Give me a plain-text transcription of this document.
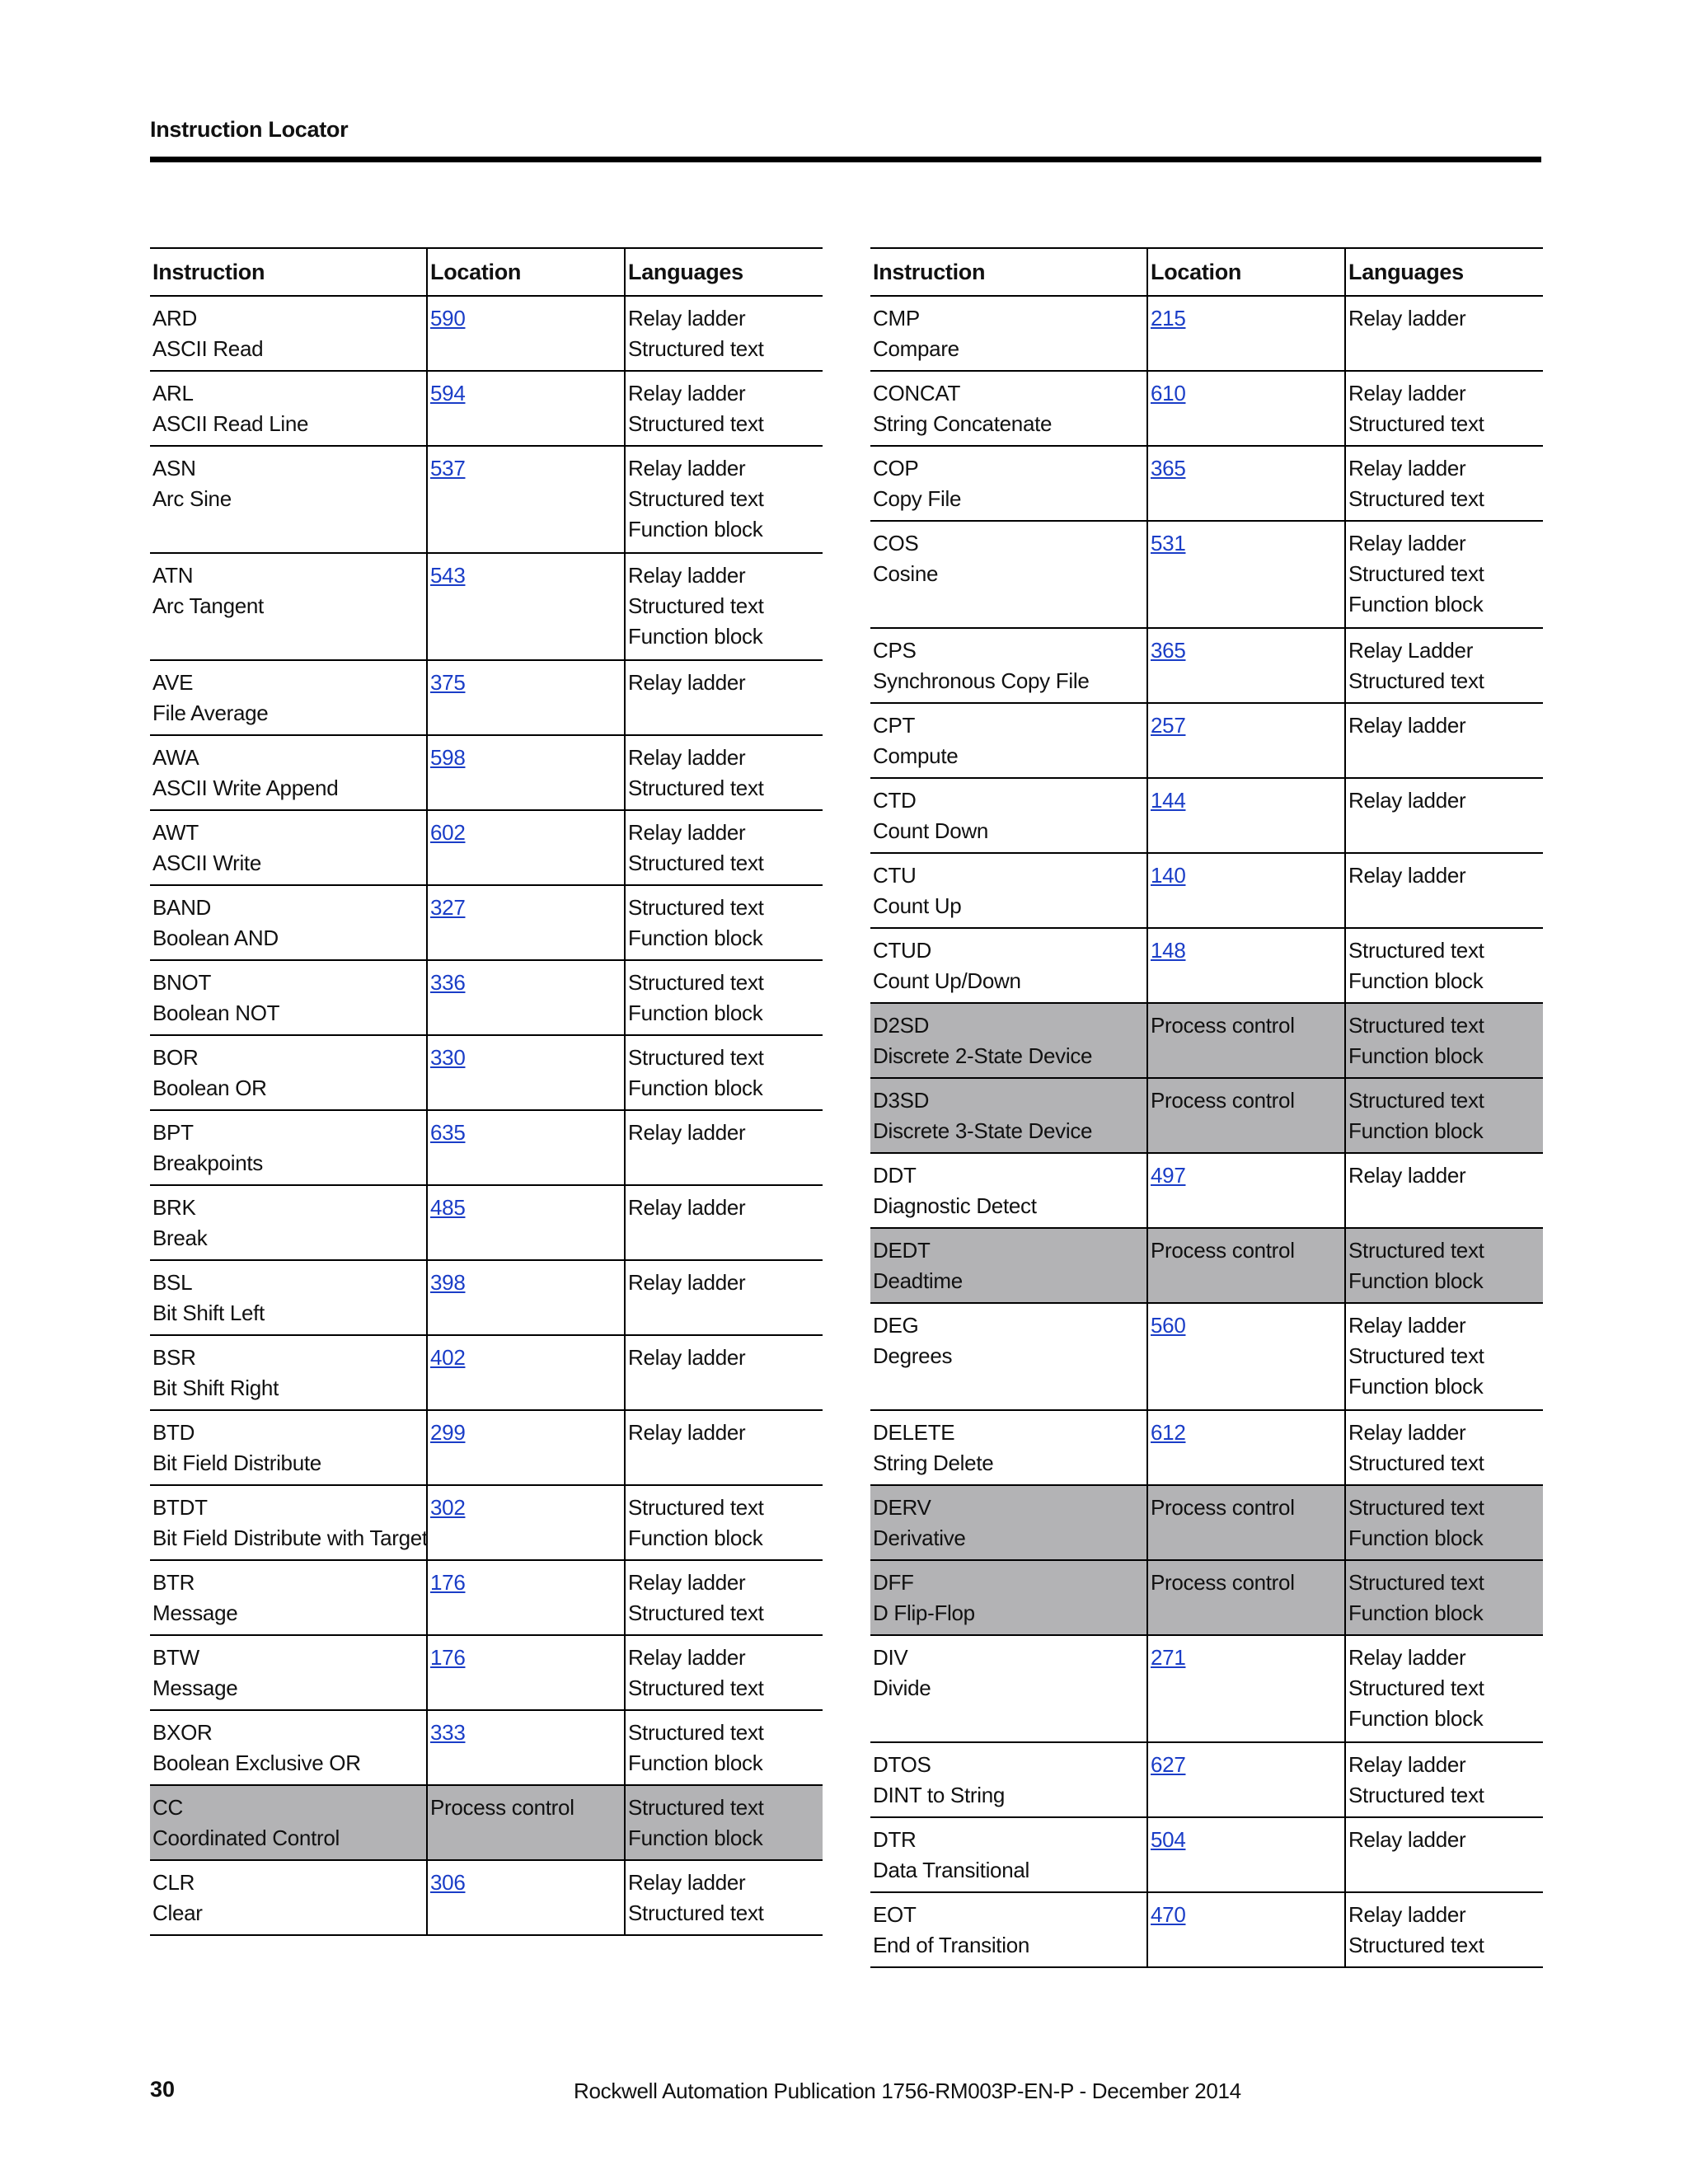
Instruction Locator
Instruction	Location	Languages

ARD
ASCII Read	590	Relay ladder
Structured text

ARL
ASCII Read Line	594	Relay ladder
Structured text

ASN
Arc Sine	537	Relay ladder
Structured text
Function block

ATN
Arc Tangent	543	Relay ladder
Structured text
Function block

AVE
File Average	375	Relay ladder

AWA
ASCII Write Append	598	Relay ladder
Structured text

AWT
ASCII Write	602	Relay ladder
Structured text

BAND
Boolean AND	327	Structured text
Function block

BNOT
Boolean NOT	336	Structured text
Function block

BOR
Boolean OR	330	Structured text
Function block

BPT
Breakpoints	635	Relay ladder

BRK
Break	485	Relay ladder

BSL
Bit Shift Left	398	Relay ladder

BSR
Bit Shift Right	402	Relay ladder

BTD
Bit Field Distribute	299	Relay ladder

BTDT
Bit Field Distribute with Target	302	Structured text
Function block

BTR
Message	176	Relay ladder
Structured text

BTW
Message	176	Relay ladder
Structured text

BXOR
Boolean Exclusive OR	333	Structured text
Function block

CC
Coordinated Control	Process control	Structured text
Function block

CLR
Clear	306	Relay ladder
Structured text
Instruction	Location	Languages

CMP
Compare	215	Relay ladder

CONCAT
String Concatenate	610	Relay ladder
Structured text

COP
Copy File	365	Relay ladder
Structured text

COS
Cosine	531	Relay ladder
Structured text
Function block

CPS
Synchronous Copy File	365	Relay Ladder
Structured text

CPT
Compute	257	Relay ladder

CTD
Count Down	144	Relay ladder

CTU
Count Up	140	Relay ladder

CTUD
Count Up/Down	148	Structured text
Function block

D2SD
Discrete 2-State Device	Process control	Structured text
Function block

D3SD
Discrete 3-State Device	Process control	Structured text
Function block

DDT
Diagnostic Detect	497	Relay ladder

DEDT
Deadtime	Process control	Structured text
Function block

DEG
Degrees	560	Relay ladder
Structured text
Function block

DELETE
String Delete	612	Relay ladder
Structured text

DERV
Derivative	Process control	Structured text
Function block

DFF
D Flip-Flop	Process control	Structured text
Function block

DIV
Divide	271	Relay ladder
Structured text
Function block

DTOS
DINT to String	627	Relay ladder
Structured text

DTR
Data Transitional	504	Relay ladder

EOT
End of Transition	470	Relay ladder
Structured text
30	Rockwell Automation Publication 1756-RM003P-EN-P - December 2014
